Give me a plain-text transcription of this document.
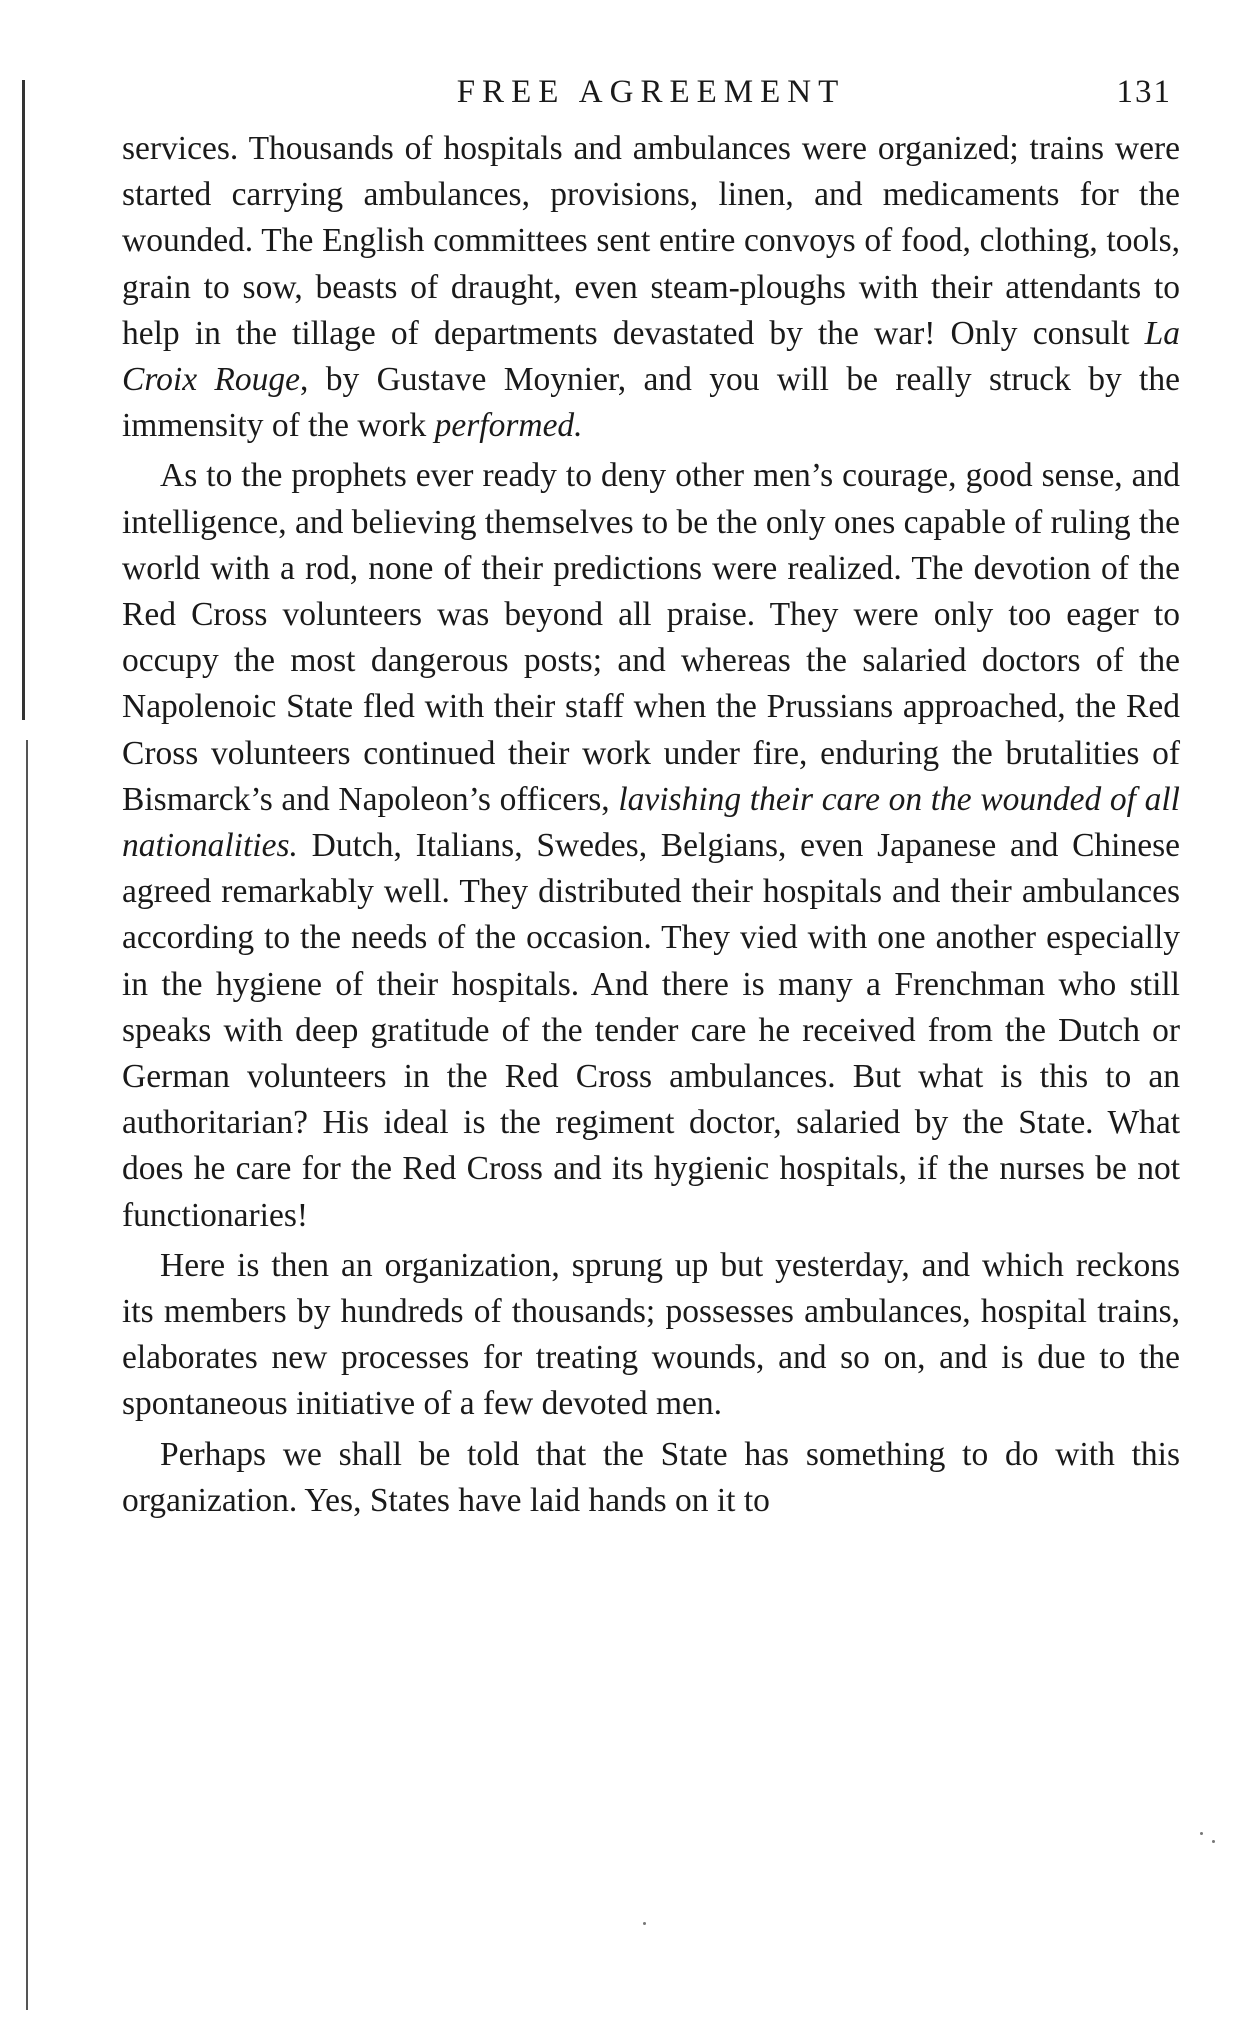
FREE AGREEMENT	131

services. Thousands of hospitals and ambulances were organized; trains were started carrying ambulances, provisions, linen, and medicaments for the wounded. The English committees sent entire convoys of food, clothing, tools, grain to sow, beasts of draught, even steam-ploughs with their attendants to help in the tillage of departments devastated by the war! Only consult La Croix Rouge, by Gustave Moynier, and you will be really struck by the immensity of the work performed.

As to the prophets ever ready to deny other men’s courage, good sense, and intelligence, and believing themselves to be the only ones capable of ruling the world with a rod, none of their predictions were realized. The devotion of the Red Cross volunteers was beyond all praise. They were only too eager to occupy the most dangerous posts; and whereas the salaried doctors of the Napolenoic State fled with their staff when the Prussians approached, the Red Cross volunteers continued their work under fire, enduring the brutalities of Bismarck’s and Napoleon’s officers, lavishing their care on the wounded of all nationalities. Dutch, Italians, Swedes, Belgians, even Japanese and Chinese agreed remarkably well. They distributed their hospitals and their ambulances according to the needs of the occasion. They vied with one another especially in the hygiene of their hospitals. And there is many a Frenchman who still speaks with deep gratitude of the tender care he received from the Dutch or German volunteers in the Red Cross ambulances. But what is this to an authoritarian? His ideal is the regiment doctor, salaried by the State. What does he care for the Red Cross and its hygienic hospitals, if the nurses be not functionaries!

Here is then an organization, sprung up but yesterday, and which reckons its members by hundreds of thousands; possesses ambulances, hospital trains, elaborates new processes for treating wounds, and so on, and is due to the spontaneous initiative of a few devoted men.

Perhaps we shall be told that the State has something to do with this organization. Yes, States have laid hands on it to
